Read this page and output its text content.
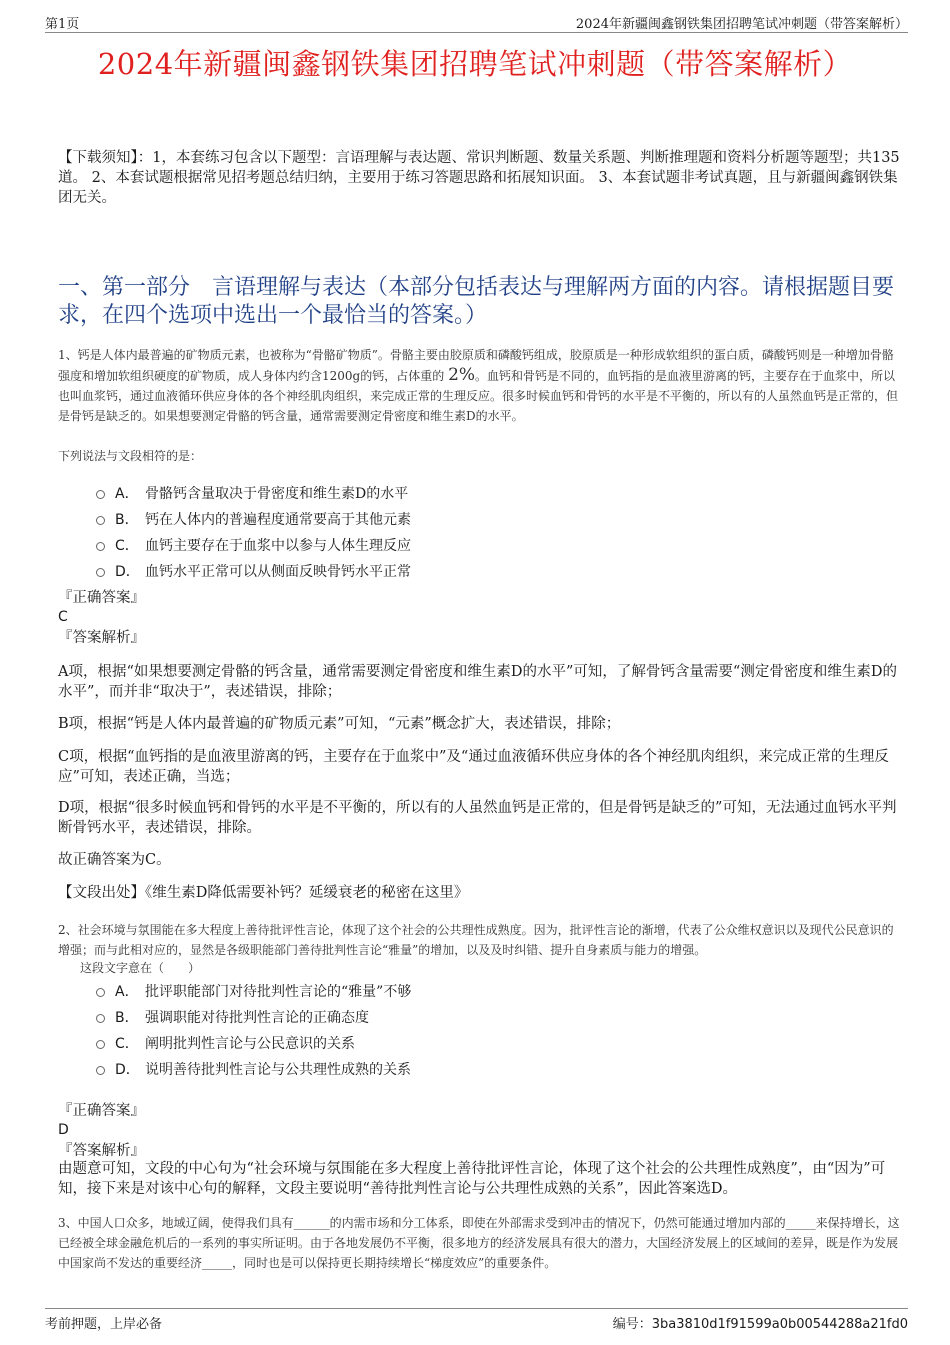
第1页	2024年新疆闽鑫钢铁集团招聘笔试冲刺题（带答案解析）
2024年新疆闽鑫钢铁集团招聘笔试冲刺题（带答案解析）
【下载须知】：1，本套练习包含以下题型：言语理解与表达题、常识判断题、数量关系题、判断推理题和资料分析题等题型；共135道。 2、本套试题根据常见招考题总结归纳，主要用于练习答题思路和拓展知识面。 3、本套试题非考试真题，且与新疆闽鑫钢铁集团无关。
一、第一部分　言语理解与表达（本部分包括表达与理解两方面的内容。请根据题目要求，在四个选项中选出一个最恰当的答案。）
1、钙是人体内最普遍的矿物质元素，也被称为“骨骼矿物质”。骨骼主要由胶原质和磷酸钙组成，胶原质是一种形成软组织的蛋白质，磷酸钙则是一种增加骨骼强度和增加软组织硬度的矿物质，成人身体内约含1200g的钙，占体重的 2%。血钙和骨钙是不同的，血钙指的是血液里游离的钙，主要存在于血浆中，所以也叫血浆钙，通过血液循环供应身体的各个神经肌肉组织，来完成正常的生理反应。很多时候血钙和骨钙的水平是不平衡的，所以有的人虽然血钙是正常的，但是骨钙是缺乏的。如果想要测定骨骼的钙含量，通常需要测定骨密度和维生素D的水平。
下列说法与文段相符的是：
A． 骨骼钙含量取决于骨密度和维生素D的水平
B． 钙在人体内的普遍程度通常要高于其他元素
C． 血钙主要存在于血浆中以参与人体生理反应
D． 血钙水平正常可以从侧面反映骨钙水平正常
『正确答案』
C
『答案解析』
A项，根据“如果想要测定骨骼的钙含量，通常需要测定骨密度和维生素D的水平”可知，了解骨钙含量需要“测定骨密度和维生素D的水平”，而并非“取决于”，表述错误，排除；
B项，根据“钙是人体内最普遍的矿物质元素”可知，“元素”概念扩大，表述错误，排除；
C项，根据“血钙指的是血液里游离的钙，主要存在于血浆中”及“通过血液循环供应身体的各个神经肌肉组织，来完成正常的生理反应”可知，表述正确，当选；
D项，根据“很多时候血钙和骨钙的水平是不平衡的，所以有的人虽然血钙是正常的，但是骨钙是缺乏的”可知，无法通过血钙水平判断骨钙水平，表述错误，排除。
故正确答案为C。
【文段出处】《维生素D降低需要补钙？延缓衰老的秘密在这里》
2、社会环境与氛围能在多大程度上善待批评性言论，体现了这个社会的公共理性成熟度。因为，批评性言论的渐增，代表了公众维权意识以及现代公民意识的增强；而与此相对应的，显然是各级职能部门善待批判性言论“雅量”的增加，以及及时纠错、提升自身素质与能力的增强。
这段文字意在（　　）
A． 批评职能部门对待批判性言论的“雅量”不够
B． 强调职能对待批判性言论的正确态度
C． 阐明批判性言论与公民意识的关系
D． 说明善待批判性言论与公共理性成熟的关系
『正确答案』
D
『答案解析』
由题意可知，文段的中心句为“社会环境与氛围能在多大程度上善待批评性言论，体现了这个社会的公共理性成熟度”，由“因为”可知，接下来是对该中心句的解释，文段主要说明“善待批判性言论与公共理性成熟的关系”，因此答案选D。
3、中国人口众多，地域辽阔，使得我们具有______的内需市场和分工体系，即使在外部需求受到冲击的情况下，仍然可能通过增加内部的_____来保持增长，这已经被全球金融危机后的一系列的事实所证明。由于各地发展仍不平衡，很多地方的经济发展具有很大的潜力，大国经济发展上的区域间的差异，既是作为发展中国家尚不发达的重要经济_____，同时也是可以保持更长期持续增长“梯度效应”的重要条件。
考前押题，上岸必备	编号：3ba3810d1f91599a0b00544288a21fd0
